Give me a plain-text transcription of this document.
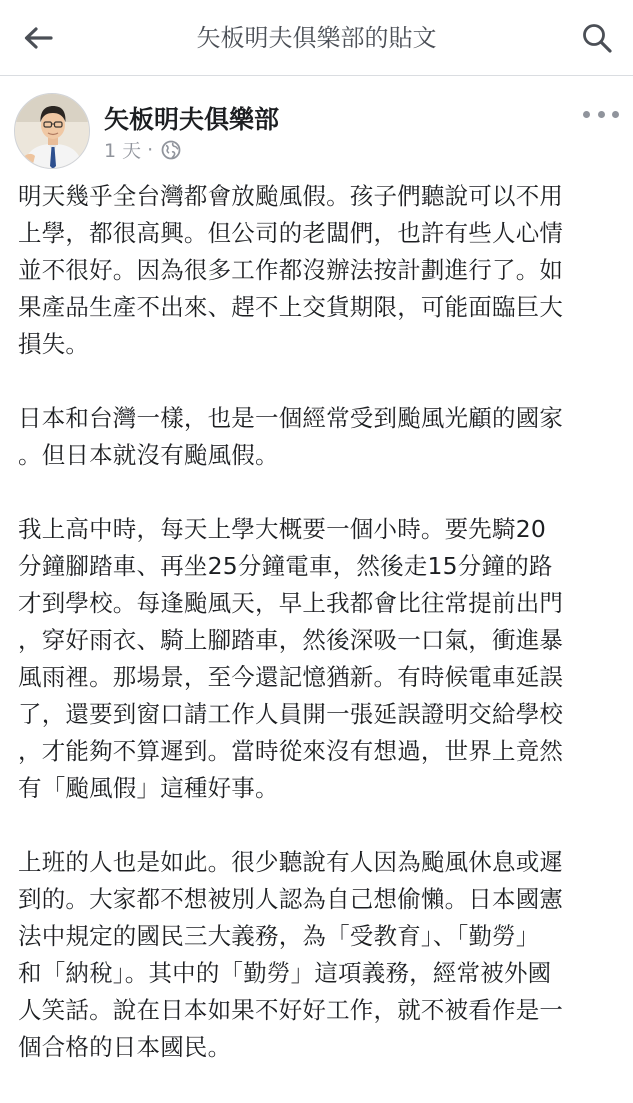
矢板明夫俱樂部的貼文
矢板明夫俱樂部
1 天 ·
明天幾乎全台灣都會放颱風假。孩子們聽說可以不用
上學，都很高興。但公司的老闆們，也許有些人心情
並不很好。因為很多工作都沒辦法按計劃進行了。如
果產品生產不出來、趕不上交貨期限，可能面臨巨大
損失。
日本和台灣一樣，也是一個經常受到颱風光顧的國家
。但日本就沒有颱風假。
我上高中時，每天上學大概要一個小時。要先騎20
分鐘腳踏車、再坐25分鐘電車，然後走15分鐘的路
才到學校。每逢颱風天，早上我都會比往常提前出門
，穿好雨衣、騎上腳踏車，然後深吸一口氣，衝進暴
風雨裡。那場景，至今還記憶猶新。有時候電車延誤
了，還要到窗口請工作人員開一張延誤證明交給學校
，才能夠不算遲到。當時從來沒有想過，世界上竟然
有「颱風假」這種好事。
上班的人也是如此。很少聽說有人因為颱風休息或遲
到的。大家都不想被別人認為自己想偷懶。日本國憲
法中規定的國民三大義務，為「受教育」、「勤勞」
和「納稅」。其中的「勤勞」這項義務，經常被外國
人笑話。說在日本如果不好好工作，就不被看作是一
個合格的日本國民。
